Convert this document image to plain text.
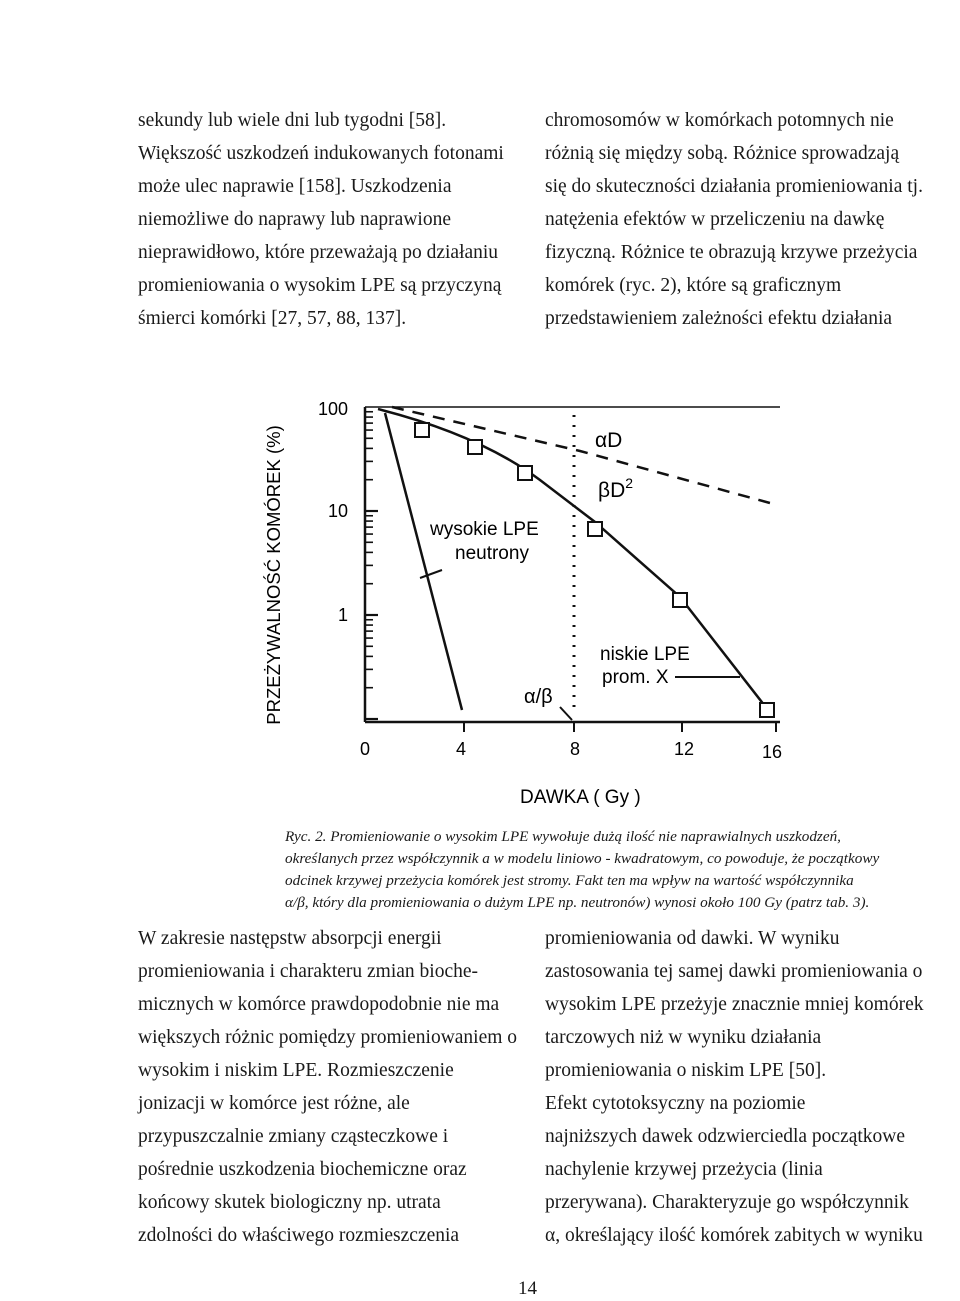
sekundy lub wiele dni lub tygodni [58].
Większość uszkodzeń indukowanych fotonami
może ulec naprawie [158]. Uszkodzenia
niemożliwe do naprawy lub naprawione
nieprawidłowo, które przeważają po działaniu
promieniowania o wysokim LPE są przyczyną
śmierci komórki [27, 57, 88, 137].
chromosomów w komórkach potomnych nie
różnią się między sobą. Różnice sprowadzają
się do skuteczności działania promieniowania tj.
natężenia efektów w przeliczeniu na dawkę
fizyczną. Różnice te obrazują krzywe przeżycia
komórek (ryc. 2), które są graficznym
przedstawieniem zależności efektu działania
PRZEŻYWALNOŚĆ KOMÓREK (%)
100
10
1
0	4	8	12	16
DAWKA ( Gy )
αD
$\beta D^2$
wysokie LPE
neutrony
niskie LPE
prom. X
α/β
Ryc. 2. Promieniowanie o wysokim LPE wywołuje dużą ilość nie naprawialnych uszkodzeń,
określanych przez współczynnik a w modelu liniowo - kwadratowym, co powoduje, że początkowy
odcinek krzywej przeżycia komórek jest stromy. Fakt ten ma wpływ na wartość współczynnika
α/β, który dla promieniowania o dużym LPE np. neutronów) wynosi około 100 Gy (patrz tab. 3).
W zakresie następstw absorpcji energii
promieniowania i charakteru zmian bioche-
micznych w komórce prawdopodobnie nie ma
większych różnic pomiędzy promieniowaniem o
wysokim i niskim LPE. Rozmieszczenie
jonizacji w komórce jest różne, ale
przypuszczalnie zmiany cząsteczkowe i
pośrednie uszkodzenia biochemiczne oraz
końcowy skutek biologiczny np. utrata
zdolności do właściwego rozmieszczenia
promieniowania od dawki. W wyniku
zastosowania tej samej dawki promieniowania o
wysokim LPE przeżyje znacznie mniej komórek
tarczowych niż w wyniku działania
promieniowania o niskim LPE [50].
Efekt cytotoksyczny na poziomie
najniższych dawek odzwierciedla początkowe
nachylenie krzywej przeżycia (linia
przerywana). Charakteryzuje go współczynnik
α, określający ilość komórek zabitych w wyniku
14
